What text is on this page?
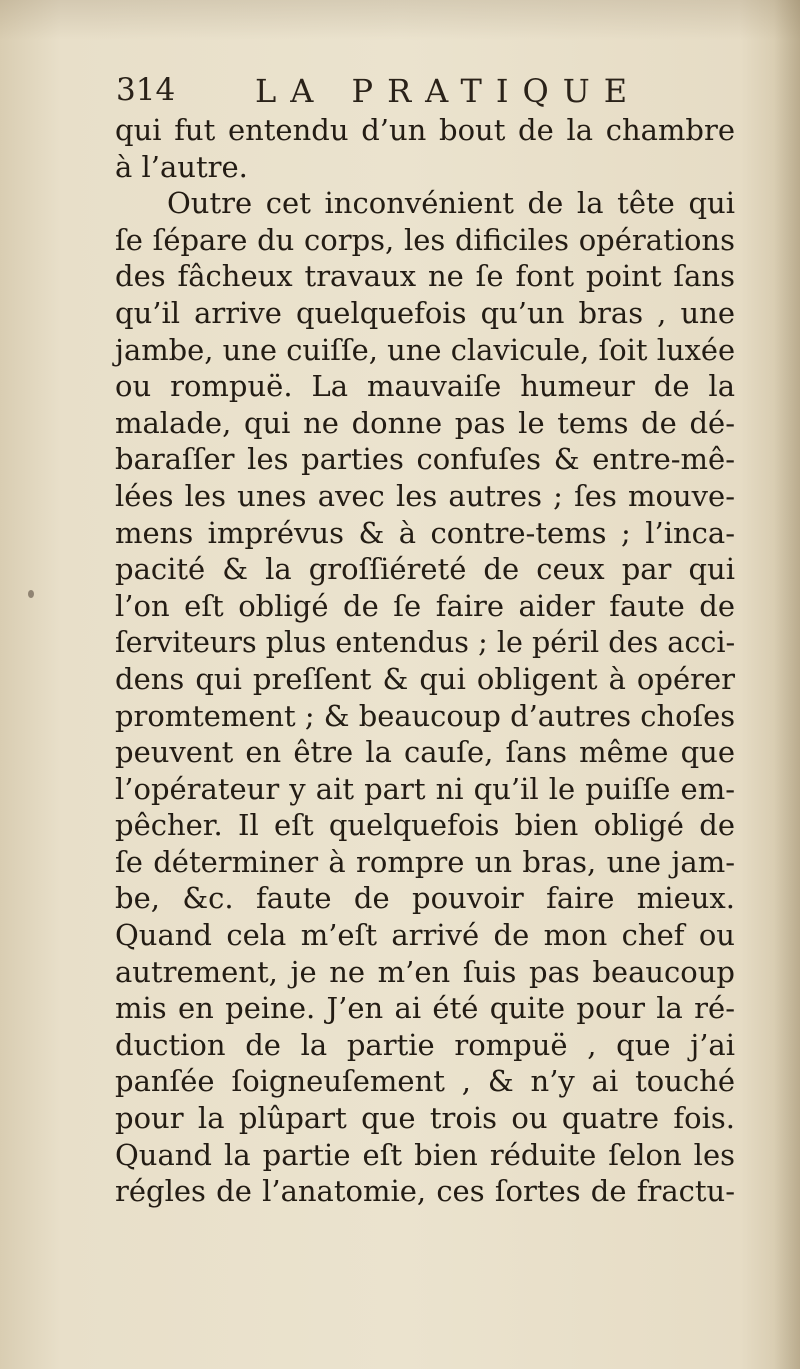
314 LA PRATIQUE
qui fut entendu d’un bout de la chambre
à l’autre.
Outre cet inconvénient de la tête qui
ſe ſépare du corps, les dificiles opérations
des fâcheux travaux ne ſe font point ſans
qu’il arrive quelquefois qu’un bras , une
jambe, une cuiſſe, une clavicule, ſoit luxée
ou rompuë. La mauvaiſe humeur de la
malade, qui ne donne pas le tems de dé-
baraſſer les parties confuſes & entre-mê-
lées les unes avec les autres ; ſes mouve-
mens imprévus & à contre-tems ; l’inca-
pacité & la groſſiéreté de ceux par qui
l’on eſt obligé de ſe faire aider faute de
ſerviteurs plus entendus ; le péril des acci-
dens qui preſſent & qui obligent à opérer
promtement ; & beaucoup d’autres choſes
peuvent en être la cauſe, ſans même que
l’opérateur y ait part ni qu’il le puiſſe em-
pêcher. Il eſt quelquefois bien obligé de
ſe déterminer à rompre un bras, une jam-
be, &c. faute de pouvoir faire mieux.
Quand cela m’eſt arrivé de mon chef ou
autrement, je ne m’en ſuis pas beaucoup
mis en peine. J’en ai été quite pour la ré-
duction de la partie rompuë , que j’ai
panſée ſoigneuſement , & n’y ai touché
pour la plûpart que trois ou quatre fois.
Quand la partie eſt bien réduite ſelon les
régles de l’anatomie, ces ſortes de fractu-
